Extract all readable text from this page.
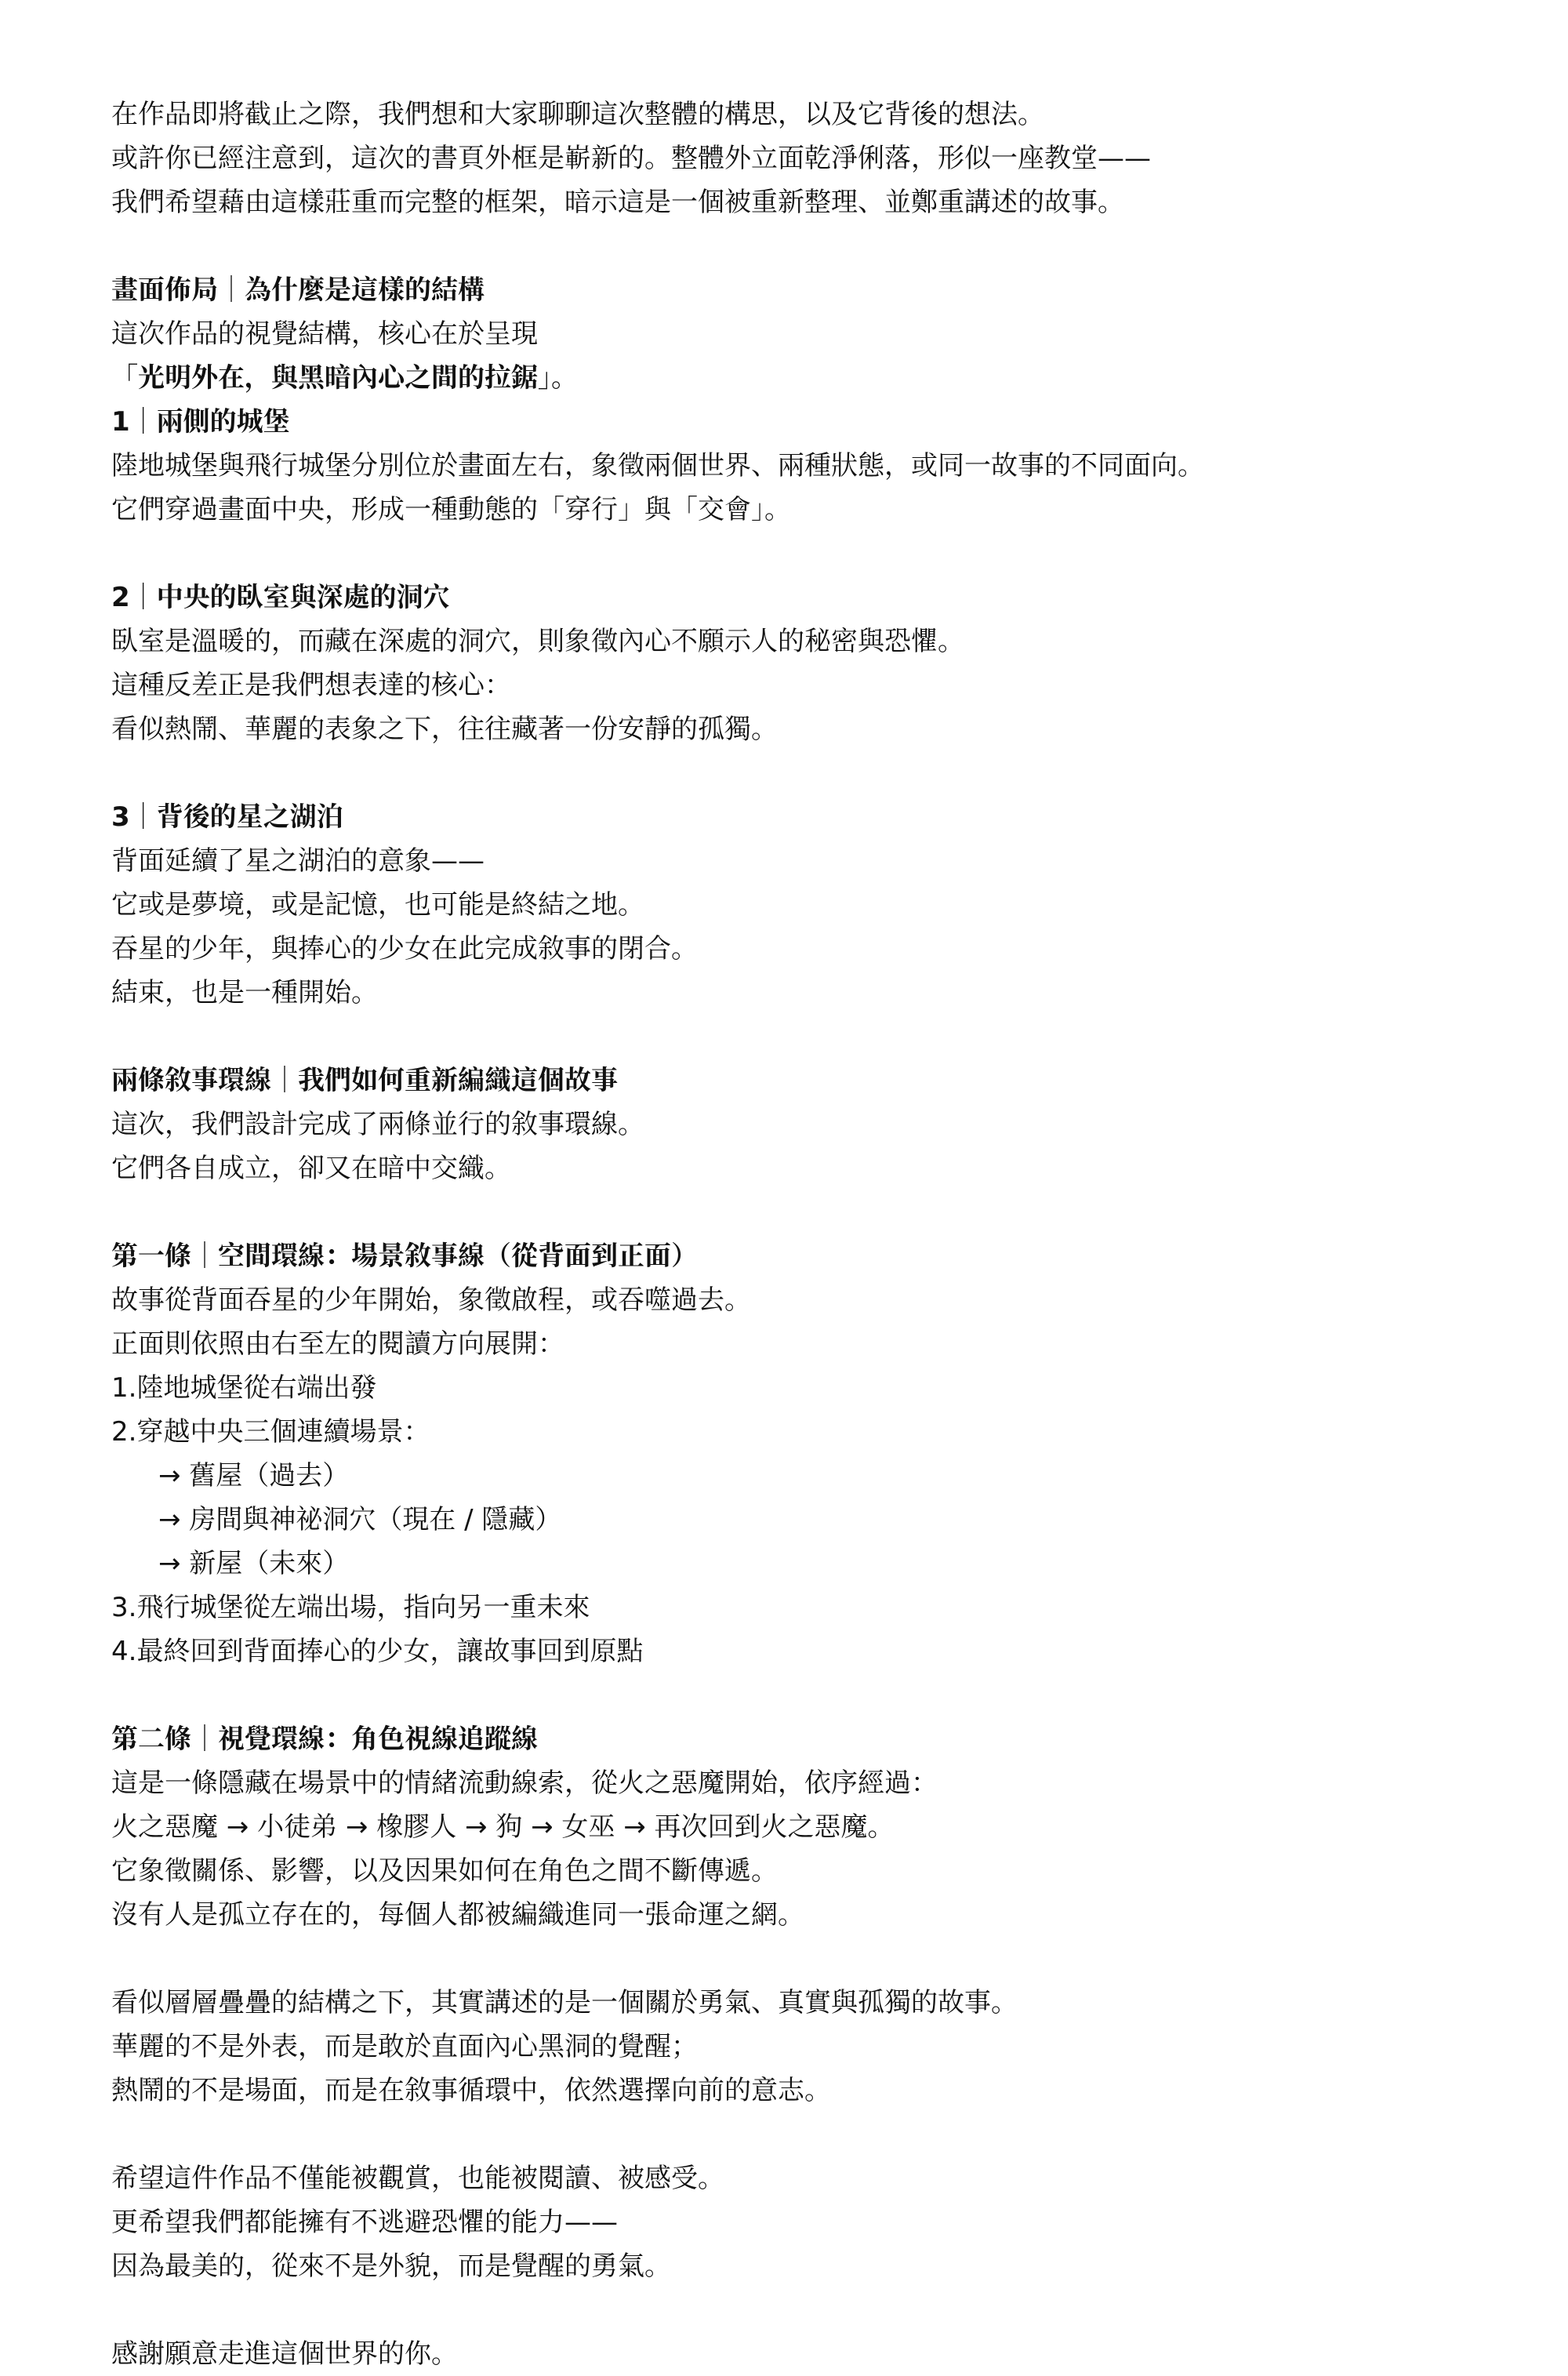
在作品即將截止之際，我們想和大家聊聊這次整體的構思，以及它背後的想法。

或許你已經注意到，這次的書頁外框是嶄新的。整體外立面乾淨俐落，形似一座教堂——

我們希望藉由這樣莊重而完整的框架，暗示這是一個被重新整理、並鄭重講述的故事。

畫面佈局｜為什麼是這樣的結構

這次作品的視覺結構，核心在於呈現

「光明外在，與黑暗內心之間的拉鋸」。

1｜兩側的城堡

陸地城堡與飛行城堡分別位於畫面左右，象徵兩個世界、兩種狀態，或同一故事的不同面向。

它們穿過畫面中央，形成一種動態的「穿行」與「交會」。

2｜中央的臥室與深處的洞穴

臥室是溫暖的，而藏在深處的洞穴，則象徵內心不願示人的秘密與恐懼。

這種反差正是我們想表達的核心：

看似熱鬧、華麗的表象之下，往往藏著一份安靜的孤獨。

3｜背後的星之湖泊

背面延續了星之湖泊的意象——

它或是夢境，或是記憶，也可能是終結之地。

吞星的少年，與捧心的少女在此完成敘事的閉合。

結束，也是一種開始。

兩條敘事環線｜我們如何重新編織這個故事

這次，我們設計完成了兩條並行的敘事環線。

它們各自成立，卻又在暗中交織。

第一條｜空間環線：場景敘事線（從背面到正面）

故事從背面吞星的少年開始，象徵啟程，或吞噬過去。

正面則依照由右至左的閱讀方向展開：

1.陸地城堡從右端出發

2.穿越中央三個連續場景：

→ 舊屋（過去）

→ 房間與神祕洞穴（現在 / 隱藏）

→ 新屋（未來）

3.飛行城堡從左端出場，指向另一重未來

4.最終回到背面捧心的少女，讓故事回到原點

第二條｜視覺環線：角色視線追蹤線

這是一條隱藏在場景中的情緒流動線索，從火之惡魔開始，依序經過：

火之惡魔 → 小徒弟 → 橡膠人 → 狗 → 女巫 → 再次回到火之惡魔。

它象徵關係、影響，以及因果如何在角色之間不斷傳遞。

沒有人是孤立存在的，每個人都被編織進同一張命運之網。

看似層層疊疊的結構之下，其實講述的是一個關於勇氣、真實與孤獨的故事。

華麗的不是外表，而是敢於直面內心黑洞的覺醒；

熱鬧的不是場面，而是在敘事循環中，依然選擇向前的意志。

希望這件作品不僅能被觀賞，也能被閱讀、被感受。

更希望我們都能擁有不逃避恐懼的能力——

因為最美的，從來不是外貌，而是覺醒的勇氣。

感謝願意走進這個世界的你。
